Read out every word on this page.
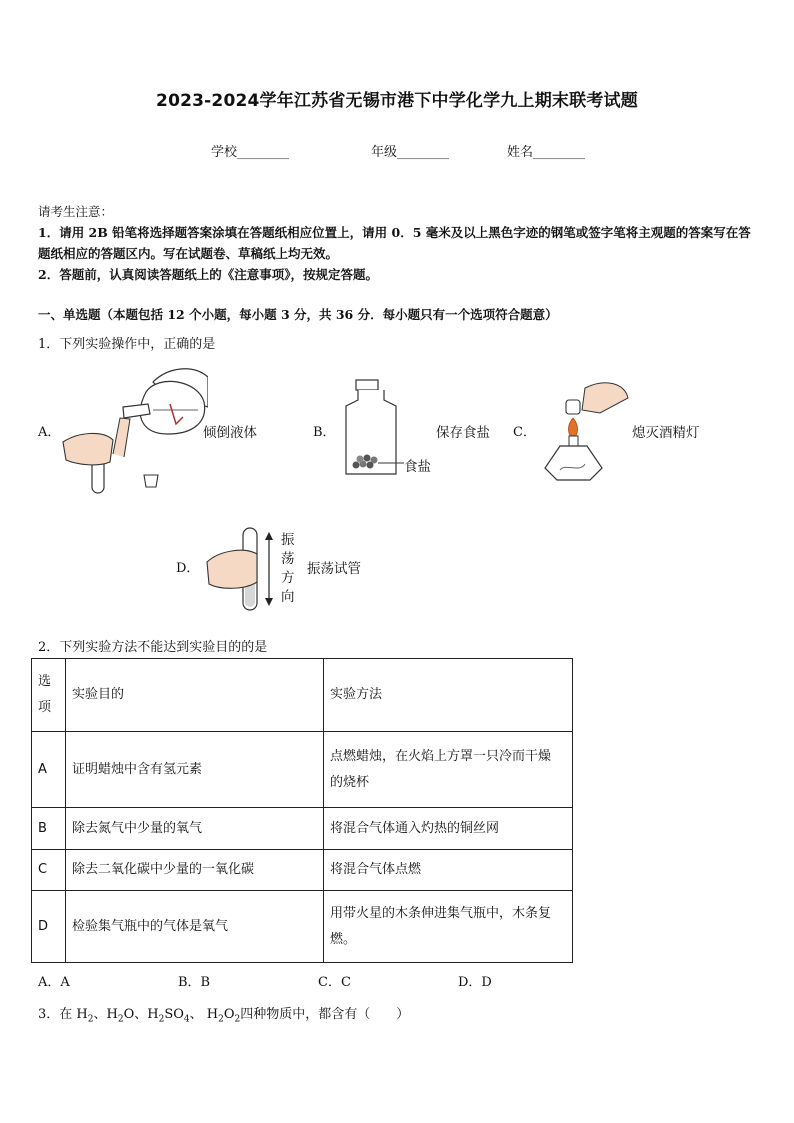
2023-2024学年江苏省无锡市港下中学化学九上期末联考试题
学校________	年级________	姓名________
请考生注意：
1．请用 2B 铅笔将选择题答案涂填在答题纸相应位置上，请用 0．5 毫米及以上黑色字迹的钢笔或签字笔将主观题的答案写在答题纸相应的答题区内。写在试题卷、草稿纸上均无效。
2．答题前，认真阅读答题纸上的《注意事项》，按规定答题。
一、单选题（本题包括 12 个小题，每小题 3 分，共 36 分．每小题只有一个选项符合题意）
1．下列实验操作中，正确的是
A．	倾倒液体	B．
食盐
保存食盐 C．	熄灭酒精灯
D．
振
荡
方
向
振荡试管
2．下列实验方法不能达到实验目的的是
选
项	实验目的	实验方法
A	证明蜡烛中含有氢元素	点燃蜡烛，在火焰上方罩一只冷而干燥
的烧杯

B	除去氮气中少量的氧气	将混合气体通入灼热的铜丝网
C	除去二氧化碳中少量的一氧化碳	将混合气体点燃
D	检验集气瓶中的气体是氧气	用带火星的木条伸进集气瓶中，木条复
燃。
A．A	B．B	C．C	D．D
3．在 $H_2$、$H_2O$、$H_2SO_4$、 $H_2O_2$四种物质中，都含有（　　）
